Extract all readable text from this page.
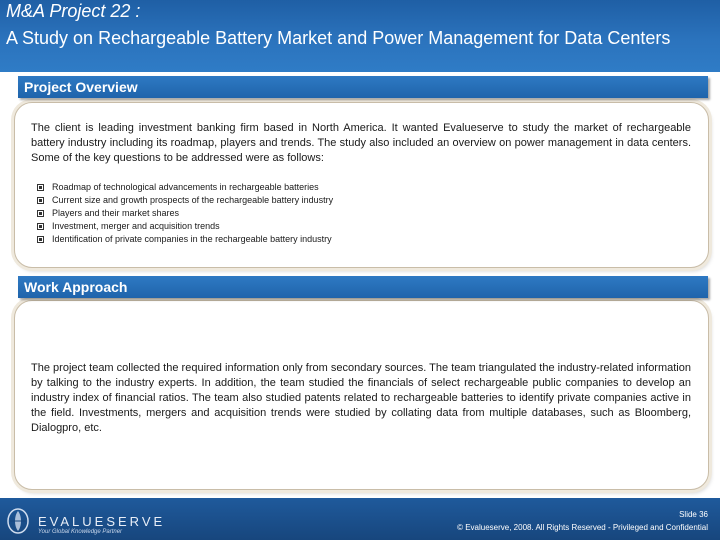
M&A Project 22 :
A Study on Rechargeable Battery Market and Power Management for Data Centers
Project Overview
The client is leading investment banking firm based in North America. It wanted Evalueserve to study the market of rechargeable battery industry including its roadmap, players and trends. The study also included an overview on power management in data centers. Some of the key questions to be addressed were as follows:
Roadmap of technological advancements in rechargeable batteries
Current size and growth prospects of the rechargeable battery industry
Players and their market shares
Investment, merger and acquisition trends
Identification of private companies in the rechargeable battery industry
Work Approach
The project team collected the required information only from secondary sources. The team triangulated the industry-related information by talking to the industry experts. In addition, the team studied the financials of select rechargeable public companies to develop an industry index of financial ratios. The team also studied patents related to rechargeable batteries to identify private companies active in the field. Investments, mergers and acquisition trends were studied by collating data from multiple databases, such as Bloomberg, Dialogpro, etc.
EVALUESERVE
Your Global Knowledge Partner
Slide 36
© Evalueserve, 2008. All Rights Reserved - Privileged and Confidential
